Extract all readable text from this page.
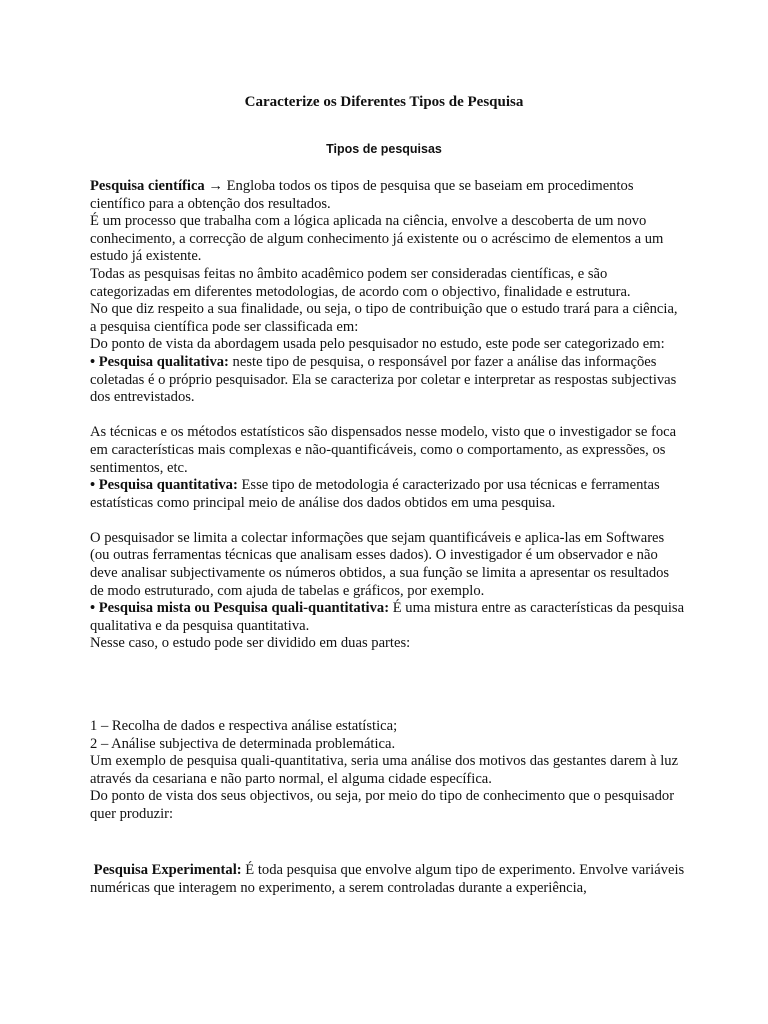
Caracterize os Diferentes Tipos de Pesquisa
Tipos de pesquisas

Pesquisa científica → Engloba todos os tipos de pesquisa que se baseiam em procedimentos científico para a obtenção dos resultados.

É um processo que trabalha com a lógica aplicada na ciência, envolve a descoberta de um novo conhecimento, a correcção de algum conhecimento já existente ou o acréscimo de elementos a um estudo já existente.

Todas as pesquisas feitas no âmbito acadêmico podem ser consideradas científicas, e são categorizadas em diferentes metodologias, de acordo com o objectivo, finalidade e estrutura.

No que diz respeito a sua finalidade, ou seja, o tipo de contribuição que o estudo trará para a ciência, a pesquisa científica pode ser classificada em:

Do ponto de vista da abordagem usada pelo pesquisador no estudo, este pode ser categorizado em:

• Pesquisa qualitativa: neste tipo de pesquisa, o responsável por fazer a análise das informações coletadas é o próprio pesquisador. Ela se caracteriza por coletar e interpretar as respostas subjectivas dos entrevistados.

As técnicas e os métodos estatísticos são dispensados nesse modelo, visto que o investigador se foca em características mais complexas e não-quantificáveis, como o comportamento, as expressões, os sentimentos, etc.

• Pesquisa quantitativa: Esse tipo de metodologia é caracterizado por usa técnicas e ferramentas estatísticas como principal meio de análise dos dados obtidos em uma pesquisa.

O pesquisador se limita a colectar informações que sejam quantificáveis e aplica-las em Softwares (ou outras ferramentas técnicas que analisam esses dados). O investigador é um observador e não deve analisar subjectivamente os números obtidos, a sua função se limita a apresentar os resultados de modo estruturado, com ajuda de tabelas e gráficos, por exemplo.

• Pesquisa mista ou Pesquisa quali-quantitativa: É uma mistura entre as características da pesquisa qualitativa e da pesquisa quantitativa.

Nesse caso, o estudo pode ser dividido em duas partes:

1 – Recolha de dados e respectiva análise estatística;

2 – Análise subjectiva de determinada problemática.

Um exemplo de pesquisa quali-quantitativa, seria uma análise dos motivos das gestantes darem à luz através da cesariana e não parto normal, el alguma cidade específica.

Do ponto de vista dos seus objectivos, ou seja, por meio do tipo de conhecimento que o pesquisador quer produzir:

Pesquisa Experimental: É toda pesquisa que envolve algum tipo de experimento. Envolve variáveis numéricas que interagem no experimento, a serem controladas durante a experiência,
